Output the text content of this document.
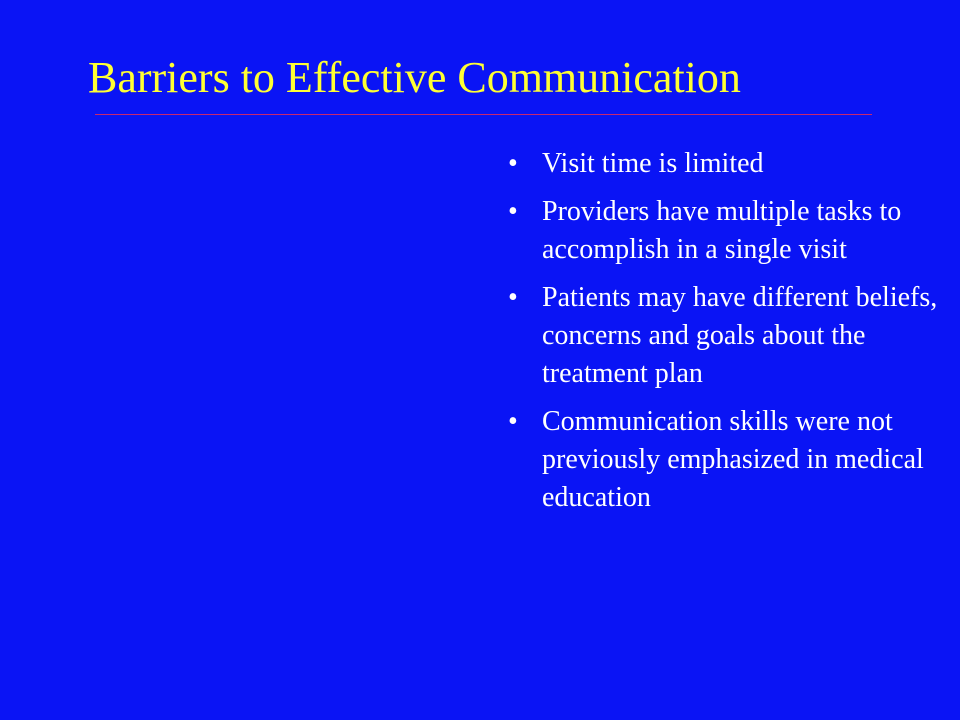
Barriers to Effective Communication
• Visit time is limited
• Providers have multiple tasks to accomplish in a single visit
• Patients may have different beliefs, concerns and goals about the treatment plan
• Communication skills were not previously emphasized in medical education
